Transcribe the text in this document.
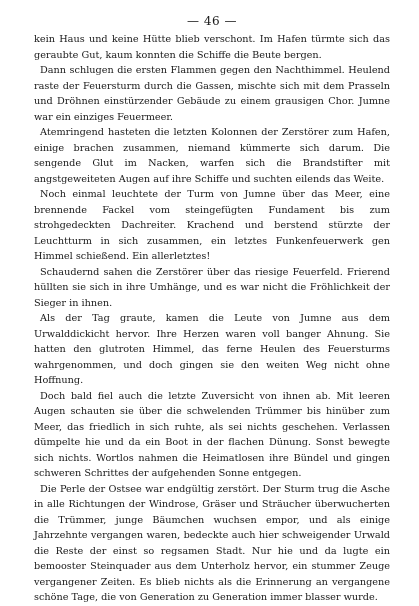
— 46 —

kein Haus und keine Hütte blieb verschont. Im Hafen türmte sich das geraubte Gut, kaum konnten die Schiffe die Beute bergen.

Dann schlugen die ersten Flammen gegen den Nachthimmel. Heulend raste der Feuersturm durch die Gassen, mischte sich mit dem Prasseln und Dröhnen einstürzender Gebäude zu einem grausigen Chor. Jumne war ein einziges Feuermeer.

Atemringend hasteten die letzten Kolonnen der Zerstörer zum Hafen, einige brachen zusammen, niemand kümmerte sich darum. Die sengende Glut im Nacken, warfen sich die Brandstifter mit angstgeweiteten Augen auf ihre Schiffe und suchten eilends das Weite.

Noch einmal leuchtete der Turm von Jumne über das Meer, eine brennende Fackel vom steingefügten Fundament bis zum strohgedeckten Dachreiter. Krachend und berstend stürzte der Leuchtturm in sich zusammen, ein letztes Funkenfeuerwerk gen Himmel schießend. Ein allerletztes!

Schaudernd sahen die Zerstörer über das riesige Feuerfeld. Frierend hüllten sie sich in ihre Umhänge, und es war nicht die Fröhlichkeit der Sieger in ihnen.

Als der Tag graute, kamen die Leute von Jumne aus dem Urwalddickicht hervor. Ihre Herzen waren voll banger Ahnung. Sie hatten den glutroten Himmel, das ferne Heulen des Feuersturms wahrgenommen, und doch gingen sie den weiten Weg nicht ohne Hoffnung.

Doch bald fiel auch die letzte Zuversicht von ihnen ab. Mit leeren Augen schauten sie über die schwelenden Trümmer bis hinüber zum Meer, das friedlich in sich ruhte, als sei nichts geschehen. Verlassen dümpelte hie und da ein Boot in der flachen Dünung. Sonst bewegte sich nichts. Wortlos nahmen die Heimatlosen ihre Bündel und gingen schweren Schrittes der aufgehenden Sonne entgegen.

Die Perle der Ostsee war endgültig zerstört. Der Sturm trug die Asche in alle Richtungen der Windrose, Gräser und Sträucher überwucherten die Trümmer, junge Bäumchen wuchsen empor, und als einige Jahrzehnte vergangen waren, bedeckte auch hier schweigender Urwald die Reste der einst so regsamen Stadt. Nur hie und da lugte ein bemooster Steinquader aus dem Unterholz hervor, ein stummer Zeuge vergangener Zeiten. Es blieb nichts als die Erinnerung an vergangene schöne Tage, die von Generation zu Generation immer blasser wurde.
